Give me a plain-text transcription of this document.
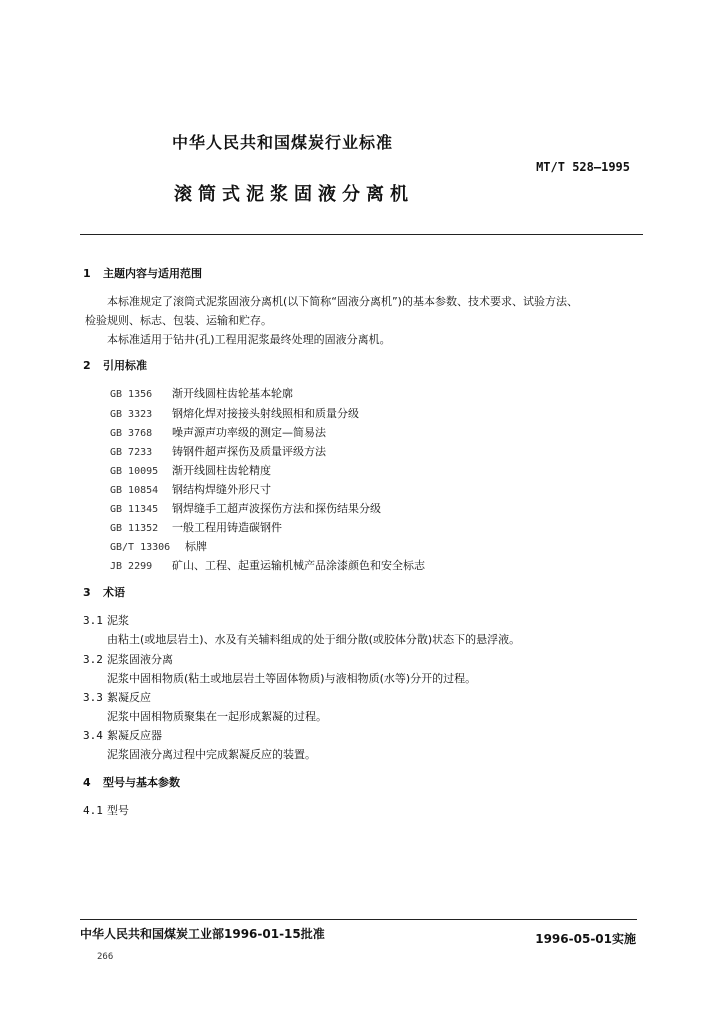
中华人民共和国煤炭行业标准
MT/T 528—1995
滚筒式泥浆固液分离机
1 主题内容与适用范围
本标准规定了滚筒式泥浆固液分离机(以下简称“固液分离机”)的基本参数、技术要求、试验方法、
检验规则、标志、包装、运输和贮存。
本标准适用于钻井(孔)工程用泥浆最终处理的固液分离机。
2 引用标准
GB 1356 渐开线圆柱齿轮基本轮廓
GB 3323 钢熔化焊对接接头射线照相和质量分级
GB 3768 噪声源声功率级的测定—简易法
GB 7233 铸钢件超声探伤及质量评级方法
GB 10095 渐开线圆柱齿轮精度
GB 10854 钢结构焊缝外形尺寸
GB 11345 钢焊缝手工超声波探伤方法和探伤结果分级
GB 11352 一般工程用铸造碳钢件
GB/T 13306 标牌
JB 2299 矿山、工程、起重运输机械产品涂漆颜色和安全标志
3 术语
3.1 泥浆
由粘土(或地层岩土)、水及有关辅料组成的处于细分散(或胶体分散)状态下的悬浮液。
3.2 泥浆固液分离
泥浆中固相物质(粘土或地层岩土等固体物质)与液相物质(水等)分开的过程。
3.3 絮凝反应
泥浆中固相物质聚集在一起形成絮凝的过程。
3.4 絮凝反应器
泥浆固液分离过程中完成絮凝反应的装置。
4 型号与基本参数
4.1 型号
中华人民共和国煤炭工业部1996-01-15批准	1996-05-01实施
266
